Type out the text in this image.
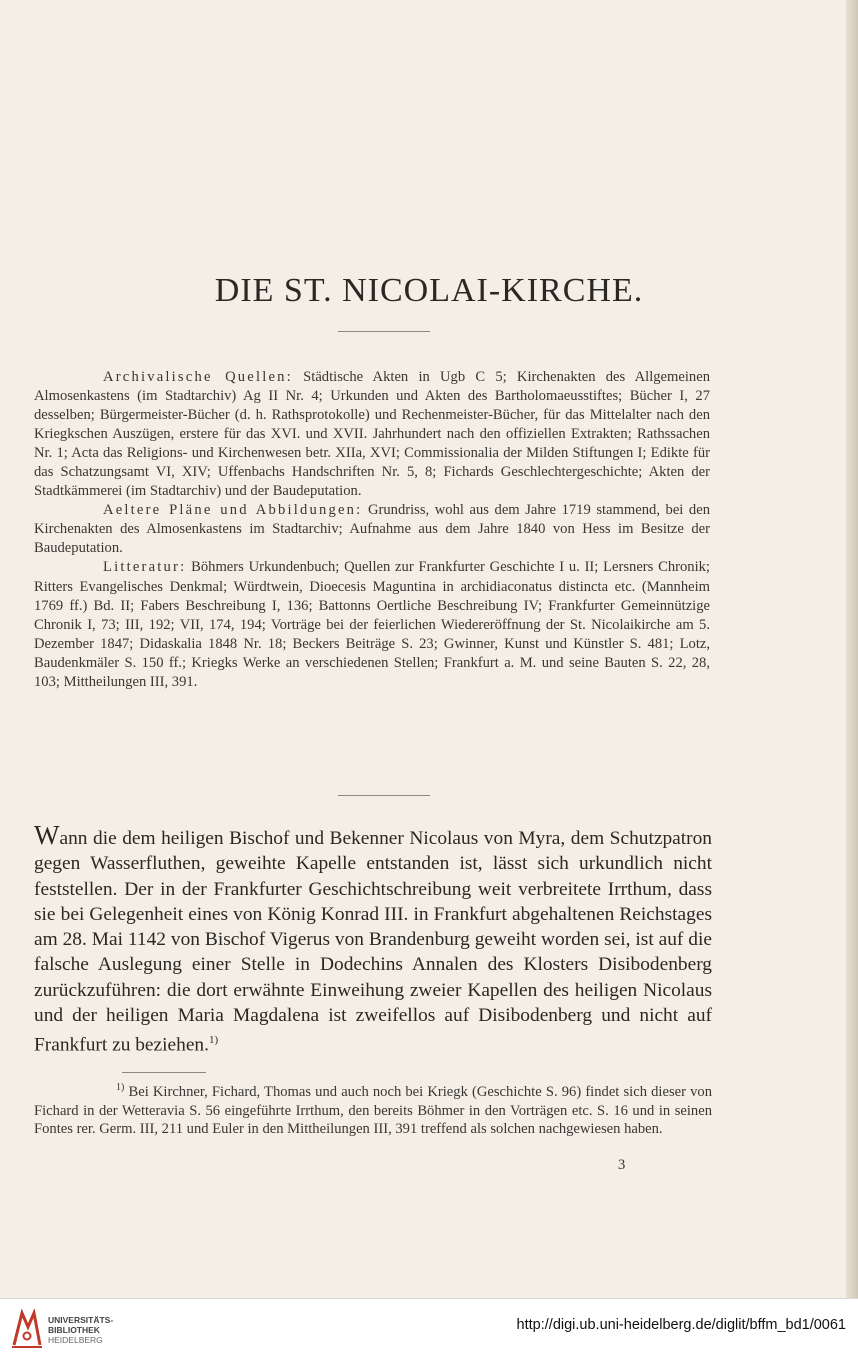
DIE ST. NICOLAI-KIRCHE.

Archivalische Quellen: Städtische Akten in Ugb C 5; Kirchenakten des Allgemeinen Almosenkastens (im Stadtarchiv) Ag II Nr. 4; Urkunden und Akten des Bartholomaeusstiftes; Bücher I, 27 desselben; Bürgermeister-Bücher (d. h. Rathsprotokolle) und Rechenmeister-Bücher, für das Mittelalter nach den Kriegkschen Auszügen, erstere für das XVI. und XVII. Jahrhundert nach den offiziellen Extrakten; Rathssachen Nr. 1; Acta das Religions- und Kirchenwesen betr. XIIa, XVI; Commissionalia der Milden Stiftungen I; Edikte für das Schatzungsamt VI, XIV; Uffenbachs Handschriften Nr. 5, 8; Fichards Geschlechtergeschichte; Akten der Stadtkämmerei (im Stadtarchiv) und der Baudeputation.

Aeltere Pläne und Abbildungen: Grundriss, wohl aus dem Jahre 1719 stammend, bei den Kirchenakten des Almosenkastens im Stadtarchiv; Aufnahme aus dem Jahre 1840 von Hess im Besitze der Baudeputation.

Litteratur: Böhmers Urkundenbuch; Quellen zur Frankfurter Geschichte I u. II; Lersners Chronik; Ritters Evangelisches Denkmal; Würdtwein, Dioecesis Maguntina in archidiaconatus distincta etc. (Mannheim 1769 ff.) Bd. II; Fabers Beschreibung I, 136; Battonns Oertliche Beschreibung IV; Frankfurter Gemeinnützige Chronik I, 73; III, 192; VII, 174, 194; Vorträge bei der feierlichen Wiedereröffnung der St. Nicolaikirche am 5. Dezember 1847; Didaskalia 1848 Nr. 18; Beckers Beiträge S. 23; Gwinner, Kunst und Künstler S. 481; Lotz, Baudenkmäler S. 150 ff.; Kriegks Werke an verschiedenen Stellen; Frankfurt a. M. und seine Bauten S. 22, 28, 103; Mittheilungen III, 391.

Wann die dem heiligen Bischof und Bekenner Nicolaus von Myra, dem Schutzpatron gegen Wasserfluthen, geweihte Kapelle entstanden ist, lässt sich urkundlich nicht feststellen. Der in der Frankfurter Geschichtschreibung weit verbreitete Irrthum, dass sie bei Gelegenheit eines von König Konrad III. in Frankfurt abgehaltenen Reichstages am 28. Mai 1142 von Bischof Vigerus von Brandenburg geweiht worden sei, ist auf die falsche Auslegung einer Stelle in Dodechins Annalen des Klosters Disibodenberg zurückzuführen: die dort erwähnte Einweihung zweier Kapellen des heiligen Nicolaus und der heiligen Maria Magdalena ist zweifellos auf Disibodenberg und nicht auf Frankfurt zu beziehen.$^{1)}$

$^{1)}$ Bei Kirchner, Fichard, Thomas und auch noch bei Kriegk (Geschichte S. 96) findet sich dieser von Fichard in der Wetteravia S. 56 eingeführte Irrthum, den bereits Böhmer in den Vorträgen etc. S. 16 und in seinen Fontes rer. Germ. III, 211 und Euler in den Mittheilungen III, 391 treffend als solchen nachgewiesen haben.

3
UNIVERSITÄTS-
BIBLIOTHEK
HEIDELBERG
http://digi.ub.uni-heidelberg.de/diglit/bffm_bd1/0061
